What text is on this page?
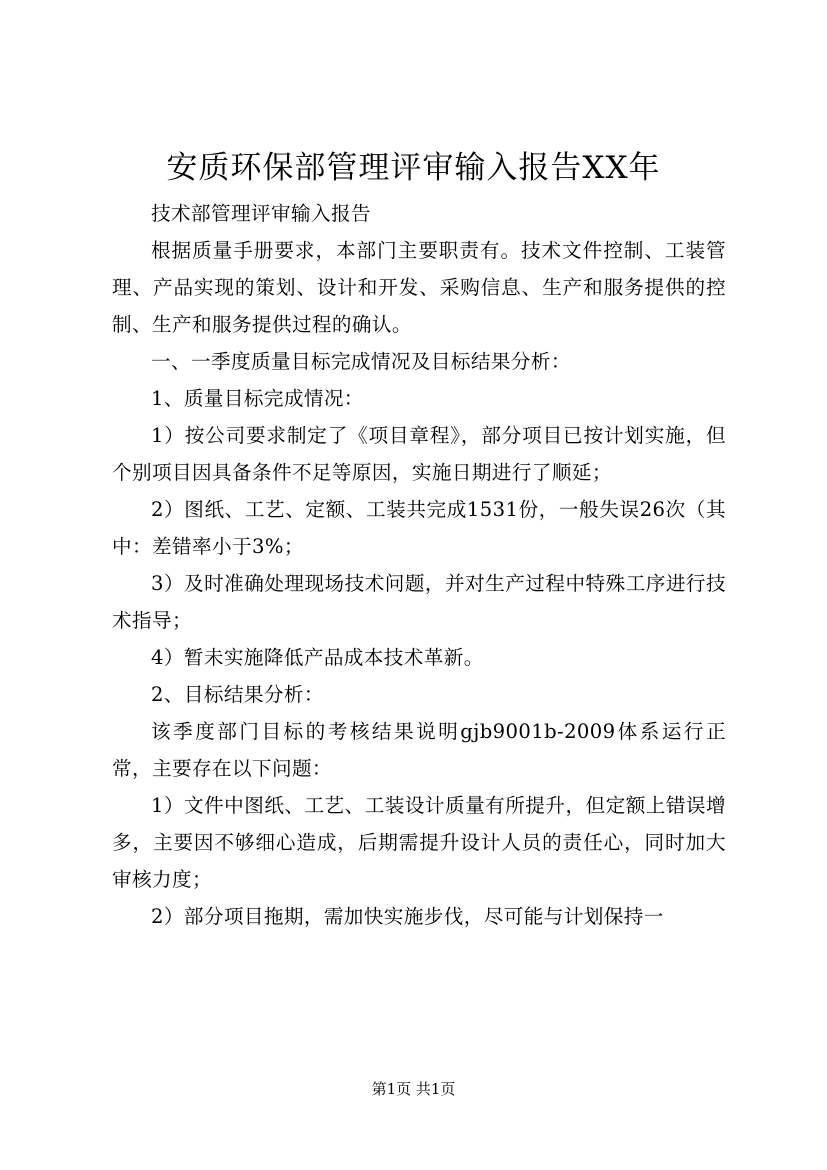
安质环保部管理评审输入报告XX年

技术部管理评审输入报告

根据质量手册要求，本部门主要职责有。技术文件控制、工装管理、产品实现的策划、设计和开发、采购信息、生产和服务提供的控制、生产和服务提供过程的确认。

一、一季度质量目标完成情况及目标结果分析：

1、质量目标完成情况：

1）按公司要求制定了《项目章程》，部分项目已按计划实施，但个别项目因具备条件不足等原因，实施日期进行了顺延；

2）图纸、工艺、定额、工装共完成1531份，一般失误26次（其中：差错率小于3%；

3）及时准确处理现场技术问题，并对生产过程中特殊工序进行技术指导；

4）暂未实施降低产品成本技术革新。

2、目标结果分析：

该季度部门目标的考核结果说明gjb9001b-2009体系运行正常，主要存在以下问题：

1）文件中图纸、工艺、工装设计质量有所提升，但定额上错误增多，主要因不够细心造成，后期需提升设计人员的责任心，同时加大审核力度；

2）部分项目拖期，需加快实施步伐，尽可能与计划保持一

第1页 共1页
